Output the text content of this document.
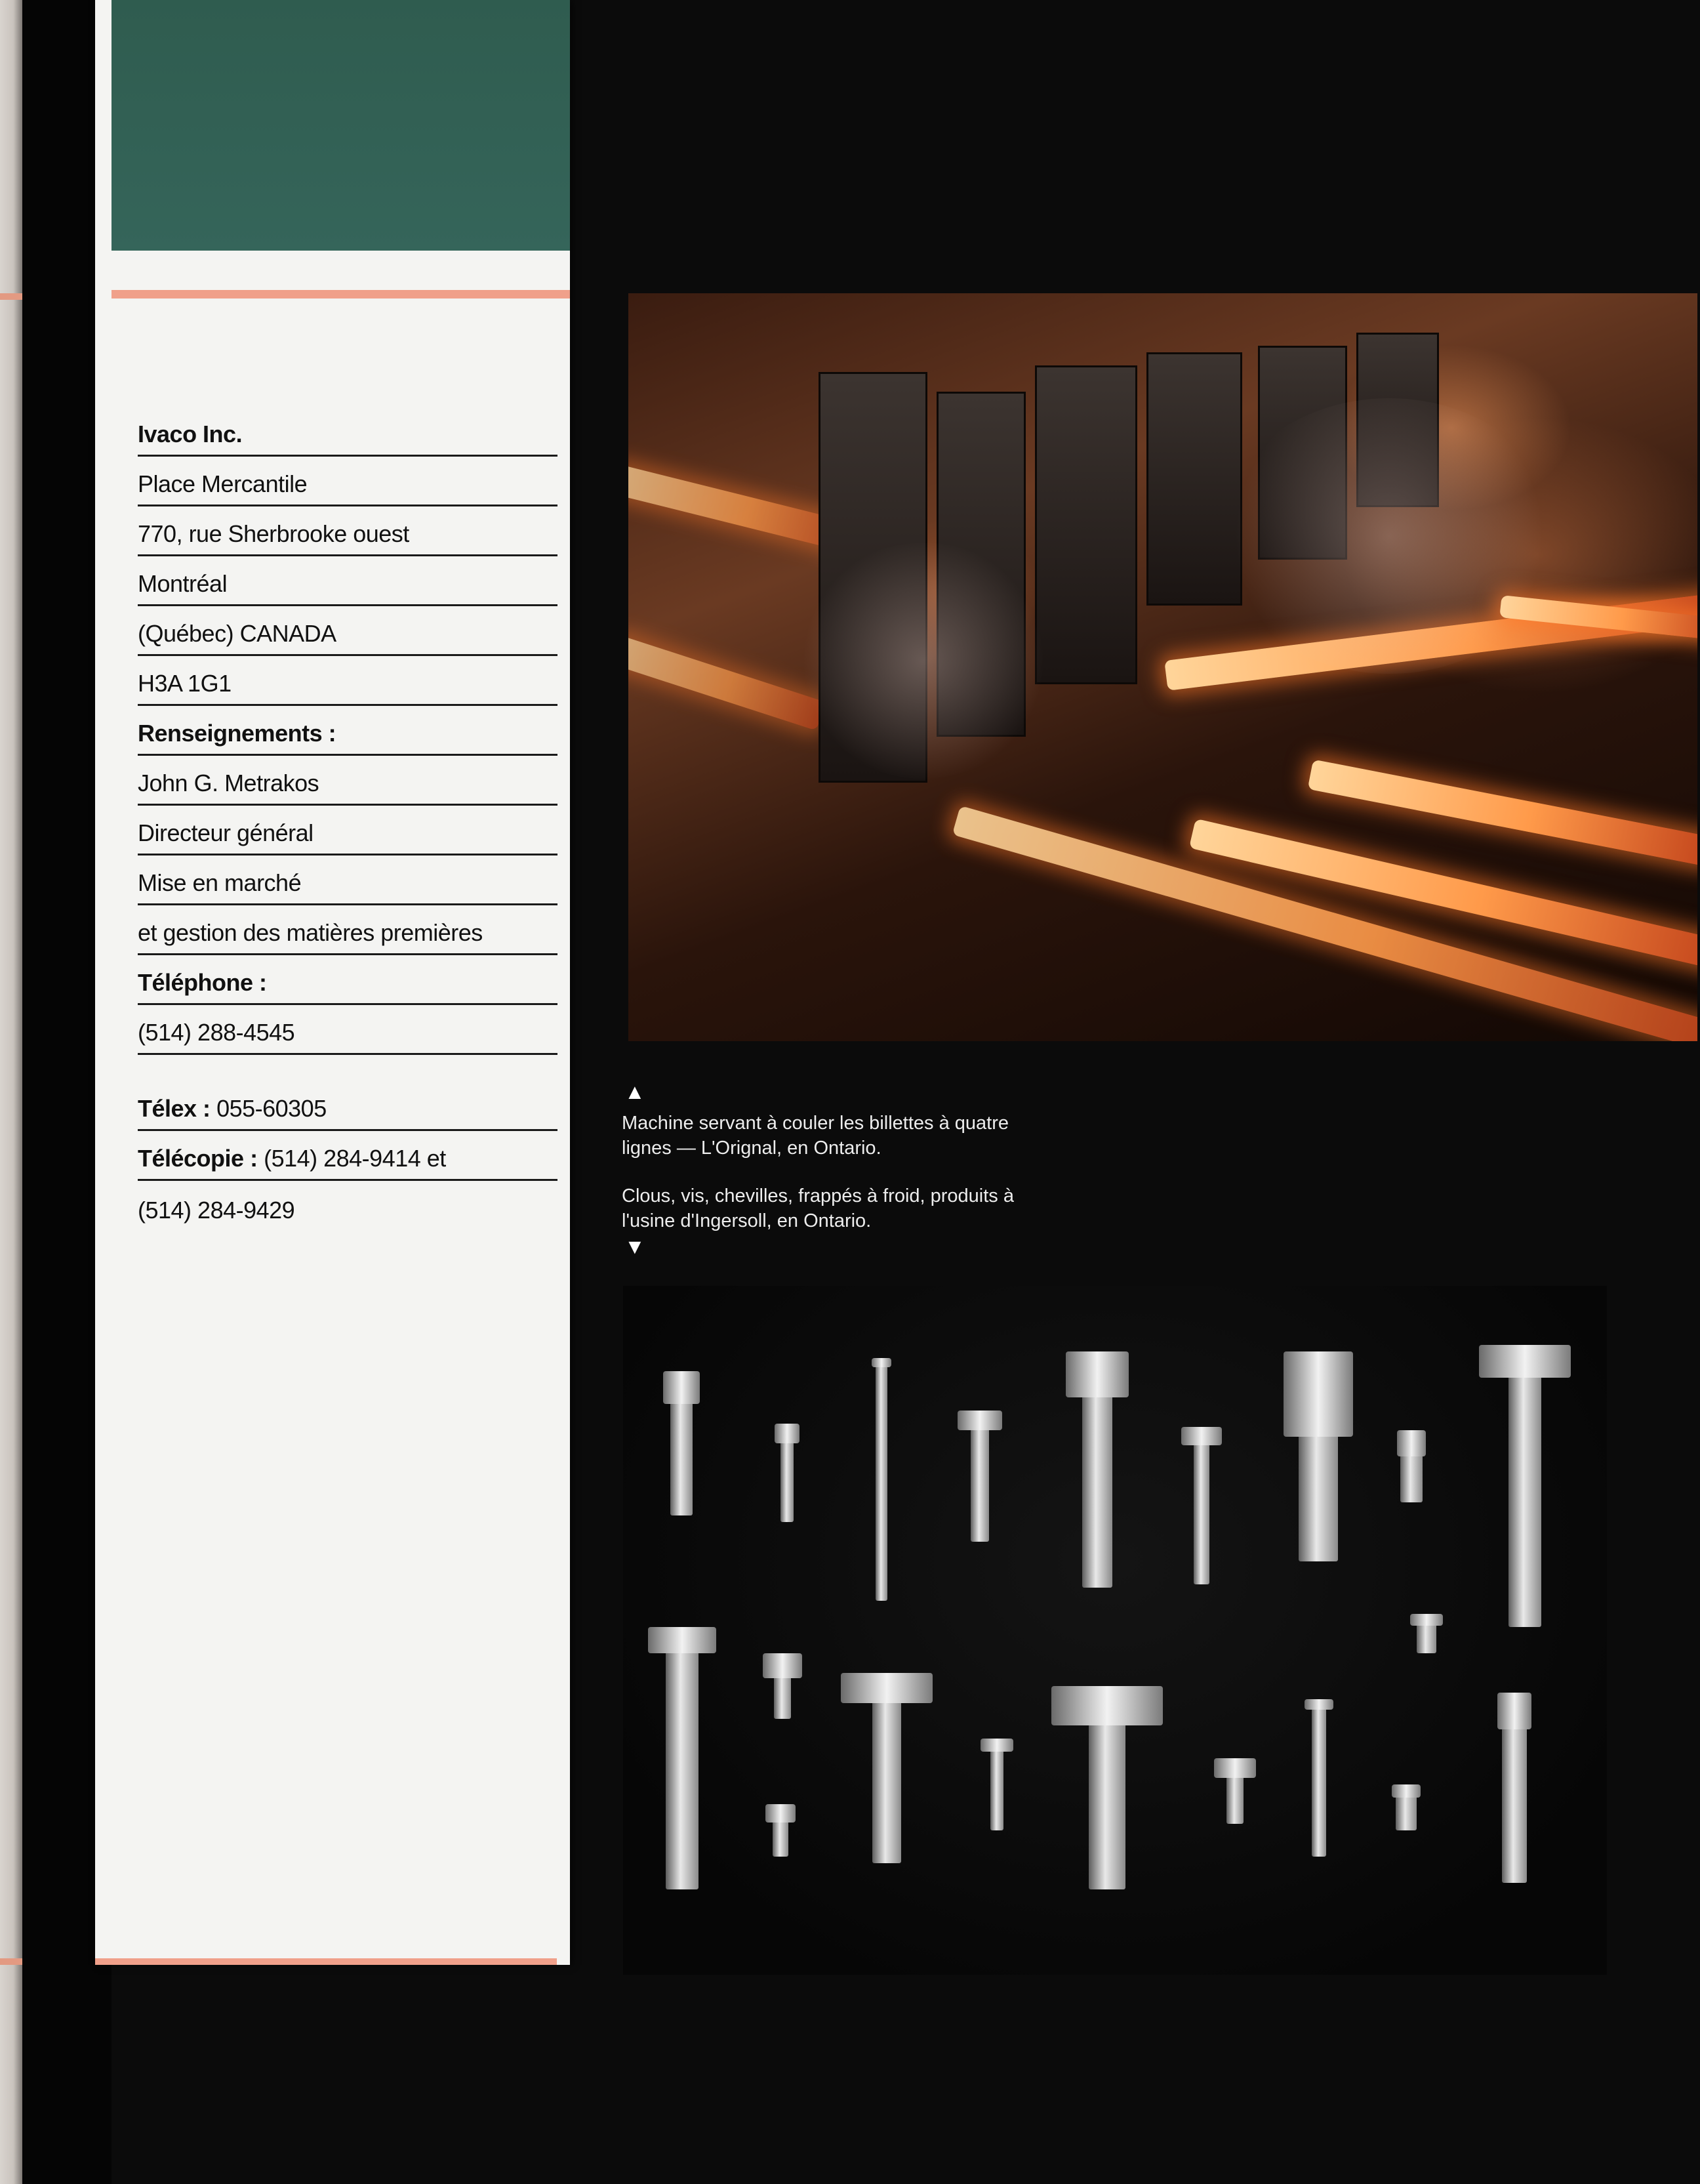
Ivaco Inc.
Place Mercantile
770, rue Sherbrooke ouest
Montréal
(Québec) CANADA
H3A 1G1
Renseignements :
John G. Metrakos
Directeur général
Mise en marché
et gestion des matières premières
Téléphone :
(514) 288-4545
Télex :
055-60305
Télécopie :
(514) 284-9414 et
(514) 284-9429
▲
Machine servant à couler les billettes à quatre lignes — L'Orignal, en Ontario.
Clous, vis, chevilles, frappés à froid, produits à l'usine d'Ingersoll, en Ontario.
▼
